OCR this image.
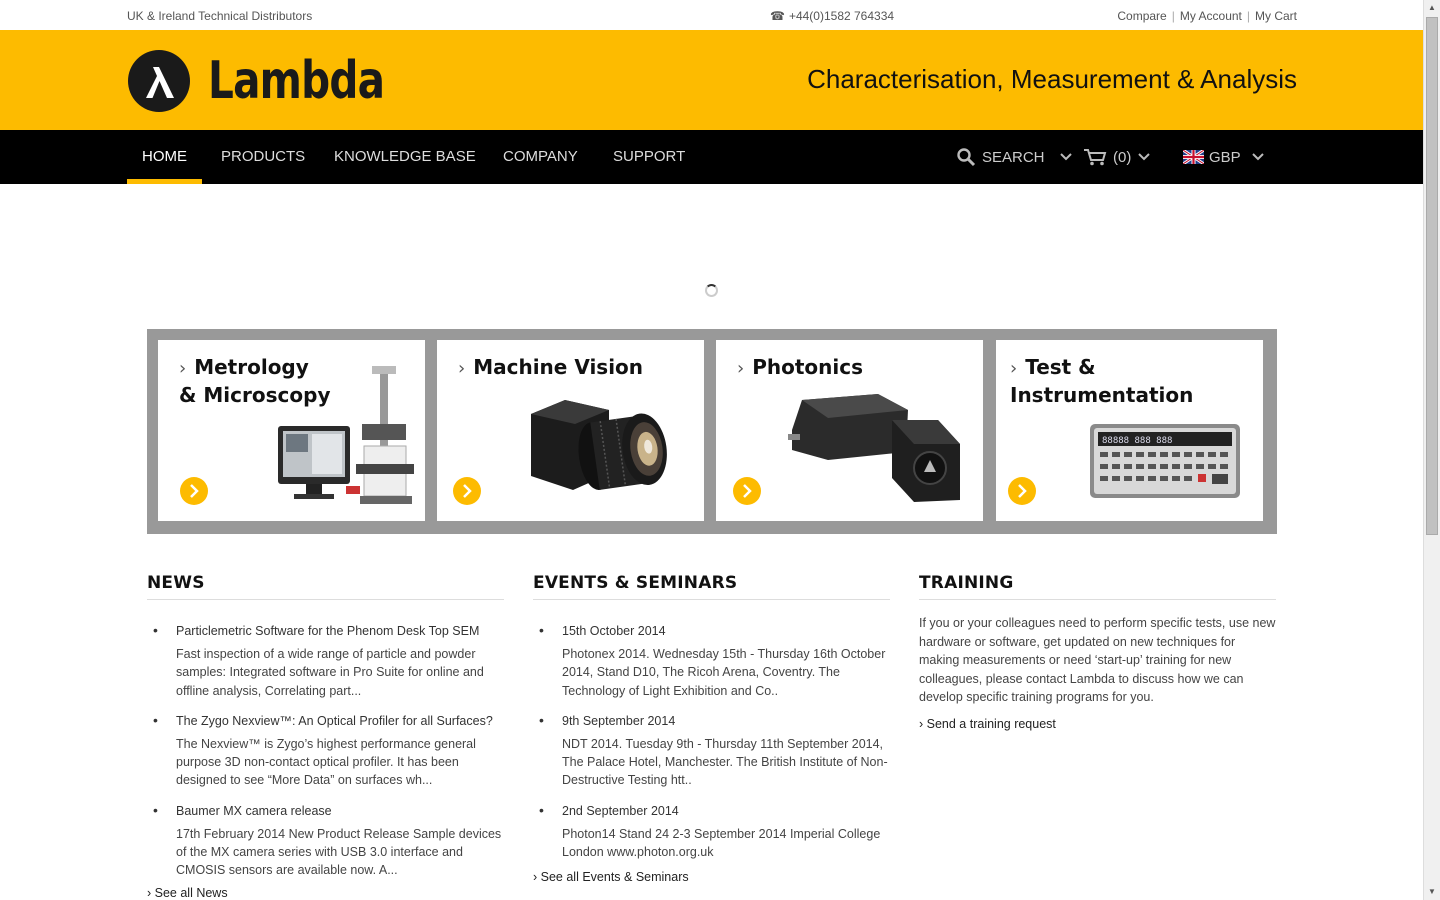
UK & Ireland Technical Distributors	☎ +44(0)1582 764334	Compare | My Account | My Cart
Lambda	Characterisation, Measurement & Analysis
HOME PRODUCTS KNOWLEDGE BASE COMPANY SUPPORT	SEARCH	(0)	GBP
› Metrology
& Microscopy
› Machine Vision	› Photonics	› Test &
Instrumentation
88888 888 888
NEWS
• Particlemetric Software for the Phenom Desk Top SEM
Fast inspection of a wide range of particle and powder samples: Integrated software in Pro Suite for online and offline analysis, Correlating part...
• The Zygo Nexview™: An Optical Profiler for all Surfaces?
The Nexview™ is Zygo’s highest performance general purpose 3D non-contact optical profiler. It has been designed to see “More Data” on surfaces wh...
• Baumer MX camera release
17th February 2014 New Product Release Sample devices of the MX camera series with USB 3.0 interface and CMOSIS sensors are available now. A...
› See all News
EVENTS & SEMINARS
• 15th October 2014
Photonex 2014. Wednesday 15th - Thursday 16th October 2014, Stand D10, The Ricoh Arena, Coventry. The Technology of Light Exhibition and Co..
• 9th September 2014
NDT 2014. Tuesday 9th - Thursday 11th September 2014, The Palace Hotel, Manchester. The British Institute of Non-Destructive Testing htt..
• 2nd September 2014
Photon14 Stand 24 2-3 September 2014 Imperial College London www.photon.org.uk
› See all Events & Seminars
TRAINING

If you or your colleagues need to perform specific tests, use new hardware or software, get updated on new techniques for making measurements or need ‘start-up’ training for new colleagues, please contact Lambda to discuss how we can develop specific training programs for you.

› Send a training request
▲
▼
